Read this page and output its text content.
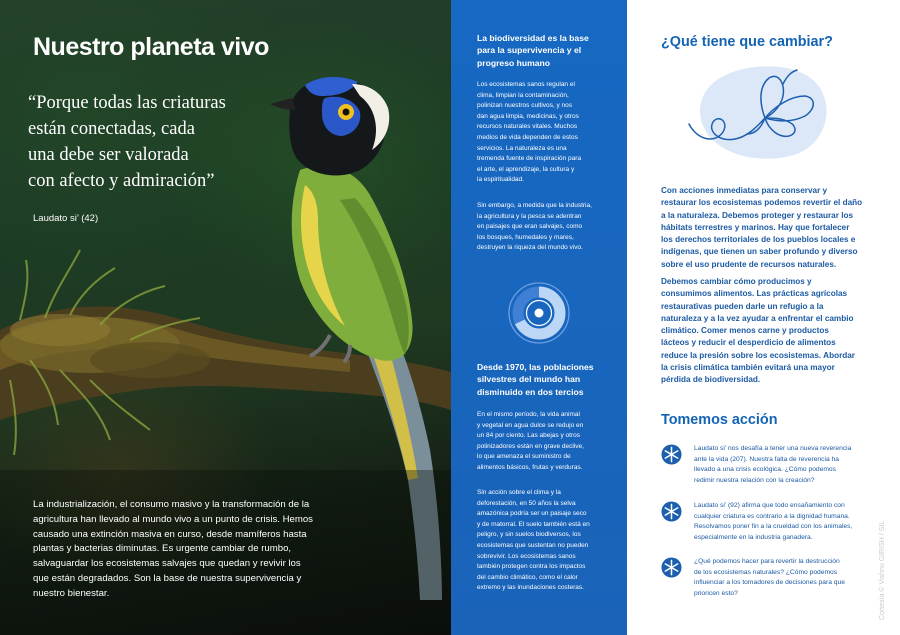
Nuestro planeta vivo
“Porque todas las criaturas
están conectadas, cada
una debe ser valorada
con afecto y admiración”
Laudato si’ (42)
La industrialización, el consumo masivo y la transformación de la
agricultura han llevado al mundo vivo a un punto de crisis. Hemos
causado una extinción masiva en curso, desde mamíferos hasta
plantas y bacterias diminutas. Es urgente cambiar de rumbo,
salvaguardar los ecosistemas salvajes que quedan y revivir los
que están degradados. Son la base de nuestra supervivencia y
nuestro bienestar.
La biodiversidad es la base
para la supervivencia y el
progreso humano
Los ecosistemas sanos regulan el
clima, limpian la contaminación,
polinizan nuestros cultivos, y nos
dan agua limpia, medicinas, y otros
recursos naturales vitales. Muchos
medios de vida dependen de estos
servicios. La naturaleza es una
tremenda fuente de inspiración para
el arte, el aprendizaje, la cultura y
la espiritualidad.
Sin embargo, a medida que la industria,
la agricultura y la pesca se adentran
en paisajes que eran salvajes, como
los bosques, humedales y mares,
destruyen la riqueza del mundo vivo.
Desde 1970, las poblaciones
silvestres del mundo han
disminuido en dos tercios
En el mismo período, la vida animal
y vegetal en agua dulce se redujo en
un 84 por ciento. Las abejas y otros
polinizadores están en grave declive,
lo que amenaza el suministro de
alimentos básicos, frutas y verduras.
Sin acción sobre el clima y la
deforestación, en 50 años la selva
amazónica podría ser un paisaje seco
y de matorral. El suelo también está en
peligro, y sin suelos biodiversos, los
ecosistemas que sustentan no pueden
sobrevivir. Los ecosistemas sanos
también protegen contra los impactos
del cambio climático, como el calor
extremo y las inundaciones costeras.
¿Qué tiene que cambiar?
Con acciones inmediatas para conservar y
restaurar los ecosistemas podemos revertir el daño
a la naturaleza. Debemos proteger y restaurar los
hábitats terrestres y marinos. Hay que fortalecer
los derechos territoriales de los pueblos locales e
indígenas, que tienen un saber profundo y diverso
sobre el uso prudente de recursos naturales.
Debemos cambiar cómo producimos y
consumimos alimentos. Las prácticas agrícolas
restaurativas pueden darle un refugio a la
naturaleza y a la vez ayudar a enfrentar el cambio
climático. Comer menos carne y productos
lácteos y reducir el desperdicio de alimentos
reduce la presión sobre los ecosistemas. Abordar
la crisis climática también evitará una mayor
pérdida de biodiversidad.
Tomemos acción
Laudato si’ nos desafía a tener una nueva reverencia
ante la vida (207). Nuestra falta de reverencia ha
llevado a una crisis ecológica. ¿Cómo podemos
redimir nuestra relación con la creación?
Laudato si’ (92) afirma que todo ensañamiento con
cualquier criatura es contrario a la dignidad humana.
Resolvamos poner fin a la crueldad con los animales,
especialmente en la industria ganadera.
¿Qué podemos hacer para revertir la destrucción
de los ecosistemas naturales? ¿Cómo podemos
influenciar a los tomadores de decisiones para que
prioricen esto?	Cortesía © Vishnu GIRISH / SIL
